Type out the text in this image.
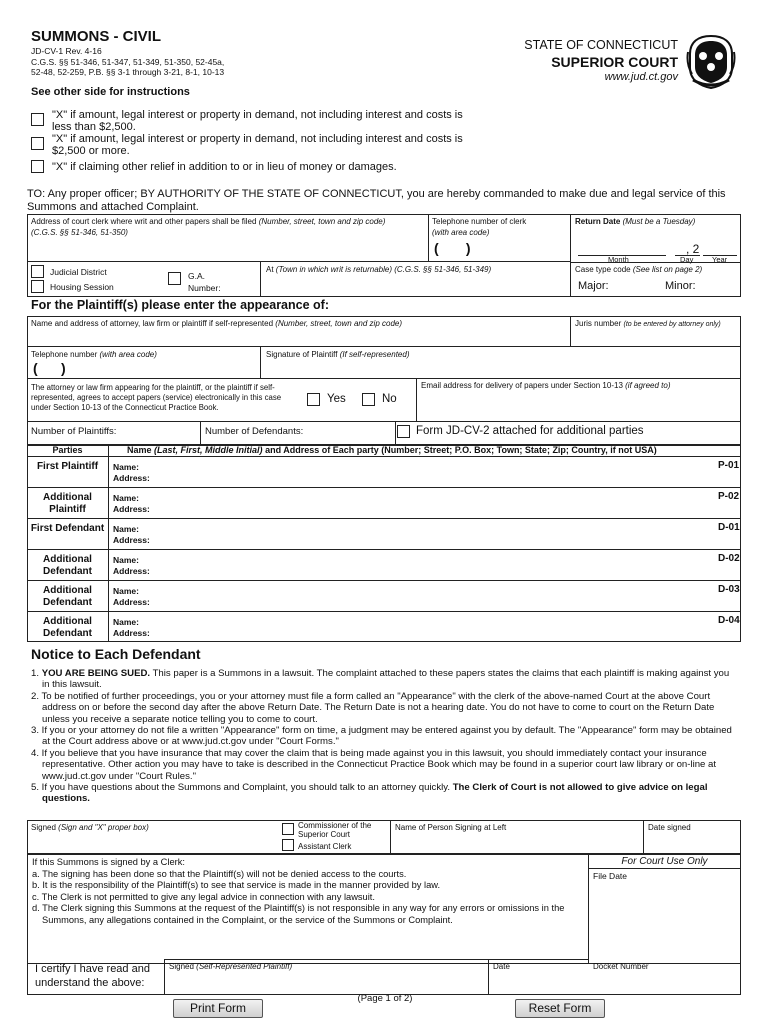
SUMMONS - CIVIL
JD-CV-1 Rev. 4-16
C.G.S. §§ 51-346, 51-347, 51-349, 51-350, 52-45a,
52-48, 52-259, P.B. §§ 3-1 through 3-21, 8-1, 10-13
See other side for instructions
STATE OF CONNECTICUT
SUPERIOR COURT
www.jud.ct.gov
"X" if amount, legal interest or property in demand, not including interest and costs is less than $2,500.
"X" if amount, legal interest or property in demand, not including interest and costs is $2,500 or more.
"X" if claiming other relief in addition to or in lieu of money or damages.
TO: Any proper officer; BY AUTHORITY OF THE STATE OF CONNECTICUT, you are hereby commanded to make due and legal service of this Summons and attached Complaint.
Address of court clerk where writ and other papers shall be filed (Number, street, town and zip code)
(C.G.S. §§ 51-346, 51-350)
Telephone number of clerk
(with area code)
(       )
Return Date (Must be a Tuesday)
, 2
Month	Day Year
Judicial District
Housing Session
G.A.
Number:
At (Town in which writ is returnable) (C.G.S. §§ 51-346, 51-349)	Case type code (See list on page 2)
Major:	Minor:
For the Plaintiff(s) please enter the appearance of:
Name and address of attorney, law firm or plaintiff if self-represented (Number, street, town and zip code)	Juris number (to be entered by attorney only)
Telephone number (with area code)
(      )
Signature of Plaintiff (If self-represented)
The attorney or law firm appearing for the plaintiff, or the plaintiff if self-represented, agrees to accept papers (service) electronically in this case under Section 10-13 of the Connecticut Practice Book.
Yes	No
Email address for delivery of papers under Section 10-13 (if agreed to)
Number of Plaintiffs:	Number of Defendants:	Form JD-CV-2 attached for additional parties
Parties	Name (Last, First, Middle Initial) and Address of Each party (Number; Street; P.O. Box; Town; State; Zip; Country, if not USA)
First Plaintiff	Name:
Address:
P-01
Additional Plaintiff
Name:
Address:
P-02
First Defendant	Name:
Address:
D-01
Additional Defendant
Name:
Address:
D-02
Additional Defendant
Name:
Address:
D-03
Additional Defendant
Name:
Address:
D-04
Notice to Each Defendant
1. YOU ARE BEING SUED. This paper is a Summons in a lawsuit. The complaint attached to these papers states the claims that each plaintiff is making against you in this lawsuit.
2. To be notified of further proceedings, you or your attorney must file a form called an "Appearance" with the clerk of the above-named Court at the above Court address on or before the second day after the above Return Date. The Return Date is not a hearing date. You do not have to come to court on the Return Date unless you receive a separate notice telling you to come to court.
3. If you or your attorney do not file a written "Appearance" form on time, a judgment may be entered against you by default. The "Appearance" form may be obtained at the Court address above or at www.jud.ct.gov under "Court Forms."
4. If you believe that you have insurance that may cover the claim that is being made against you in this lawsuit, you should immediately contact your insurance representative. Other action you may have to take is described in the Connecticut Practice Book which may be found in a superior court law library or on-line at www.jud.ct.gov under "Court Rules."
5. If you have questions about the Summons and Complaint, you should talk to an attorney quickly. The Clerk of Court is not allowed to give advice on legal questions.
Signed (Sign and "X" proper box)	Commissioner of the Superior Court
Assistant Clerk
Name of Person Signing at Left	Date signed
If this Summons is signed by a Clerk:
a. The signing has been done so that the Plaintiff(s) will not be denied access to the courts.
b. It is the responsibility of the Plaintiff(s) to see that service is made in the manner provided by law.
c. The Clerk is not permitted to give any legal advice in connection with any lawsuit.
d. The Clerk signing this Summons at the request of the Plaintiff(s) is not responsible in any way for any errors or omissions in the Summons, any allegations contained in the Complaint, or the service of the Summons or Complaint.
For Court Use Only
File Date
I certify I have read and understand the above:
Signed (Self-Represented Plaintiff)	Date	Docket Number
Print Form
(Page 1 of 2)
Reset Form
